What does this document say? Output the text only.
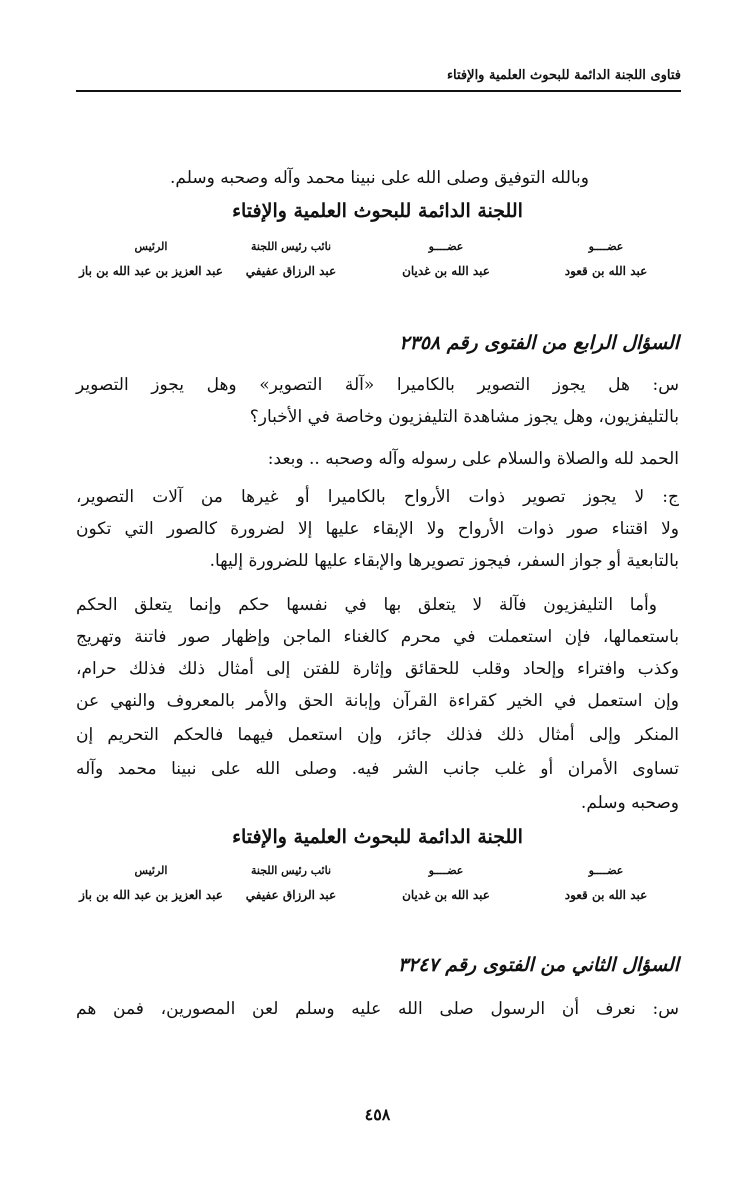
فتاوى اللجنة الدائمة للبحوث العلمية والإفتاء
وبالله التوفيق وصلى الله على نبينا محمد وآله وصحبه وسلم.
اللجنة الدائمة للبحوث العلمية والإفتاء
عضــــو
عبد الله بن قعود
عضــــو
عبد الله بن غديان
نائب رئيس اللجنة
عبد الرزاق عفيفي
الرئيس
عبد العزيز بن عبد الله بن باز
السؤال الرابع من الفتوى رقم ٢٣٥٨
س: هل يجوز التصوير بالكاميرا «آلة التصوير» وهل يجوز التصوير
بالتليفزيون، وهل يجوز مشاهدة التليفزيون وخاصة في الأخبار؟
الحمد لله والصلاة والسلام على رسوله وآله وصحبه .. وبعد:
ج: لا يجوز تصوير ذوات الأرواح بالكاميرا أو غيرها من آلات التصوير،
ولا اقتناء صور ذوات الأرواح ولا الإبقاء عليها إلا لضرورة كالصور التي تكون
بالتابعية أو جواز السفر، فيجوز تصويرها والإبقاء عليها للضرورة إليها.
وأما التليفزيون فآلة لا يتعلق بها في نفسها حكم وإنما يتعلق الحكم
باستعمالها، فإن استعملت في محرم كالغناء الماجن وإظهار صور فاتنة وتهريج
وكذب وافتراء وإلحاد وقلب للحقائق وإثارة للفتن إلى أمثال ذلك فذلك حرام،
وإن استعمل في الخير كقراءة القرآن وإبانة الحق والأمر بالمعروف والنهي عن
المنكر وإلى أمثال ذلك فذلك جائز، وإن استعمل فيهما فالحكم التحريم إن
تساوى الأمران أو غلب جانب الشر فيه. وصلى الله على نبينا محمد وآله
وصحبه وسلم.
اللجنة الدائمة للبحوث العلمية والإفتاء
عضــــو
عبد الله بن قعود
عضــــو
عبد الله بن غديان
نائب رئيس اللجنة
عبد الرزاق عفيفي
الرئيس
عبد العزيز بن عبد الله بن باز
السؤال الثاني من الفتوى رقم ٣٢٤٧
س: نعرف أن الرسول صلى الله عليه وسلم لعن المصورين، فمن هم
٤٥٨
